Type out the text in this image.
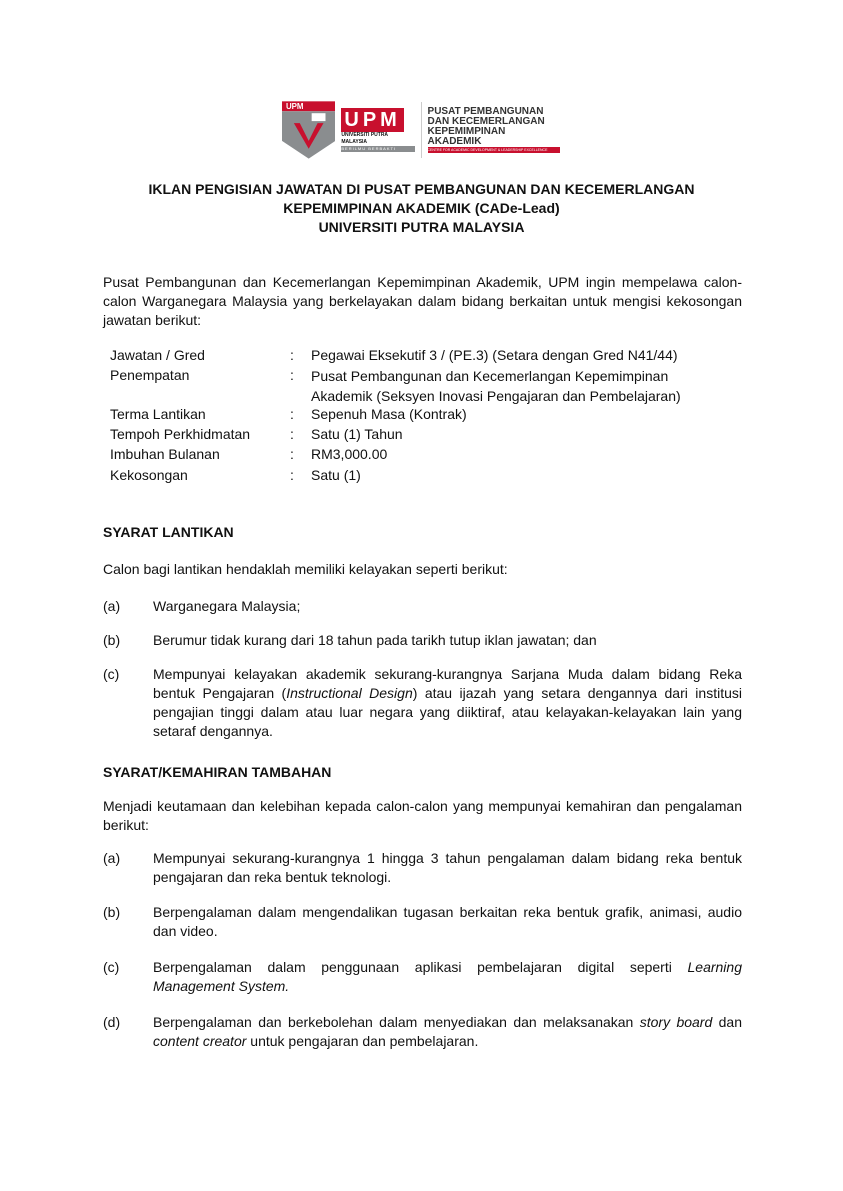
UPM
UPM
UNIVERSITI PUTRA MALAYSIA
BERILMU BERBAKTI
PUSAT PEMBANGUNAN
DAN KECEMERLANGAN
KEPEMIMPINAN AKADEMIK
CENTRE FOR ACADEMIC DEVELOPMENT & LEADERSHIP EXCELLENCE
IKLAN PENGISIAN JAWATAN DI PUSAT PEMBANGUNAN DAN KECEMERLANGAN
KEPEMIMPINAN AKADEMIK (CADe-Lead)
UNIVERSITI PUTRA MALAYSIA
Pusat Pembangunan dan Kecemerlangan Kepemimpinan Akademik, UPM ingin mempelawa calon-calon Warganegara Malaysia yang berkelayakan dalam bidang berkaitan untuk mengisi kekosongan jawatan berikut:
Jawatan / Gred	: Pegawai Eksekutif 3 / (PE.3) (Setara dengan Gred N41/44)
Penempatan	: Pusat Pembangunan dan Kecemerlangan Kepemimpinan Akademik (Seksyen Inovasi Pengajaran dan Pembelajaran)
Terma Lantikan	: Sepenuh Masa (Kontrak)
Tempoh Perkhidmatan	: Satu (1) Tahun
Imbuhan Bulanan	: RM3,000.00
Kekosongan	: Satu (1)
SYARAT LANTIKAN
Calon bagi lantikan hendaklah memiliki kelayakan seperti berikut:
(a) Warganegara Malaysia;
(b) Berumur tidak kurang dari 18 tahun pada tarikh tutup iklan jawatan; dan
(c) Mempunyai kelayakan akademik sekurang-kurangnya Sarjana Muda dalam bidang Reka bentuk Pengajaran (Instructional Design) atau ijazah yang setara dengannya dari institusi pengajian tinggi dalam atau luar negara yang diiktiraf, atau kelayakan-kelayakan lain yang setaraf dengannya.
SYARAT/KEMAHIRAN TAMBAHAN
Menjadi keutamaan dan kelebihan kepada calon-calon yang mempunyai kemahiran dan pengalaman berikut:
(a) Mempunyai sekurang-kurangnya 1 hingga 3 tahun pengalaman dalam bidang reka bentuk pengajaran dan reka bentuk teknologi.
(b) Berpengalaman dalam mengendalikan tugasan berkaitan reka bentuk grafik, animasi, audio dan video.
(c) Berpengalaman dalam penggunaan aplikasi pembelajaran digital seperti Learning Management System.
(d) Berpengalaman dan berkebolehan dalam menyediakan dan melaksanakan story board dan content creator untuk pengajaran dan pembelajaran.
